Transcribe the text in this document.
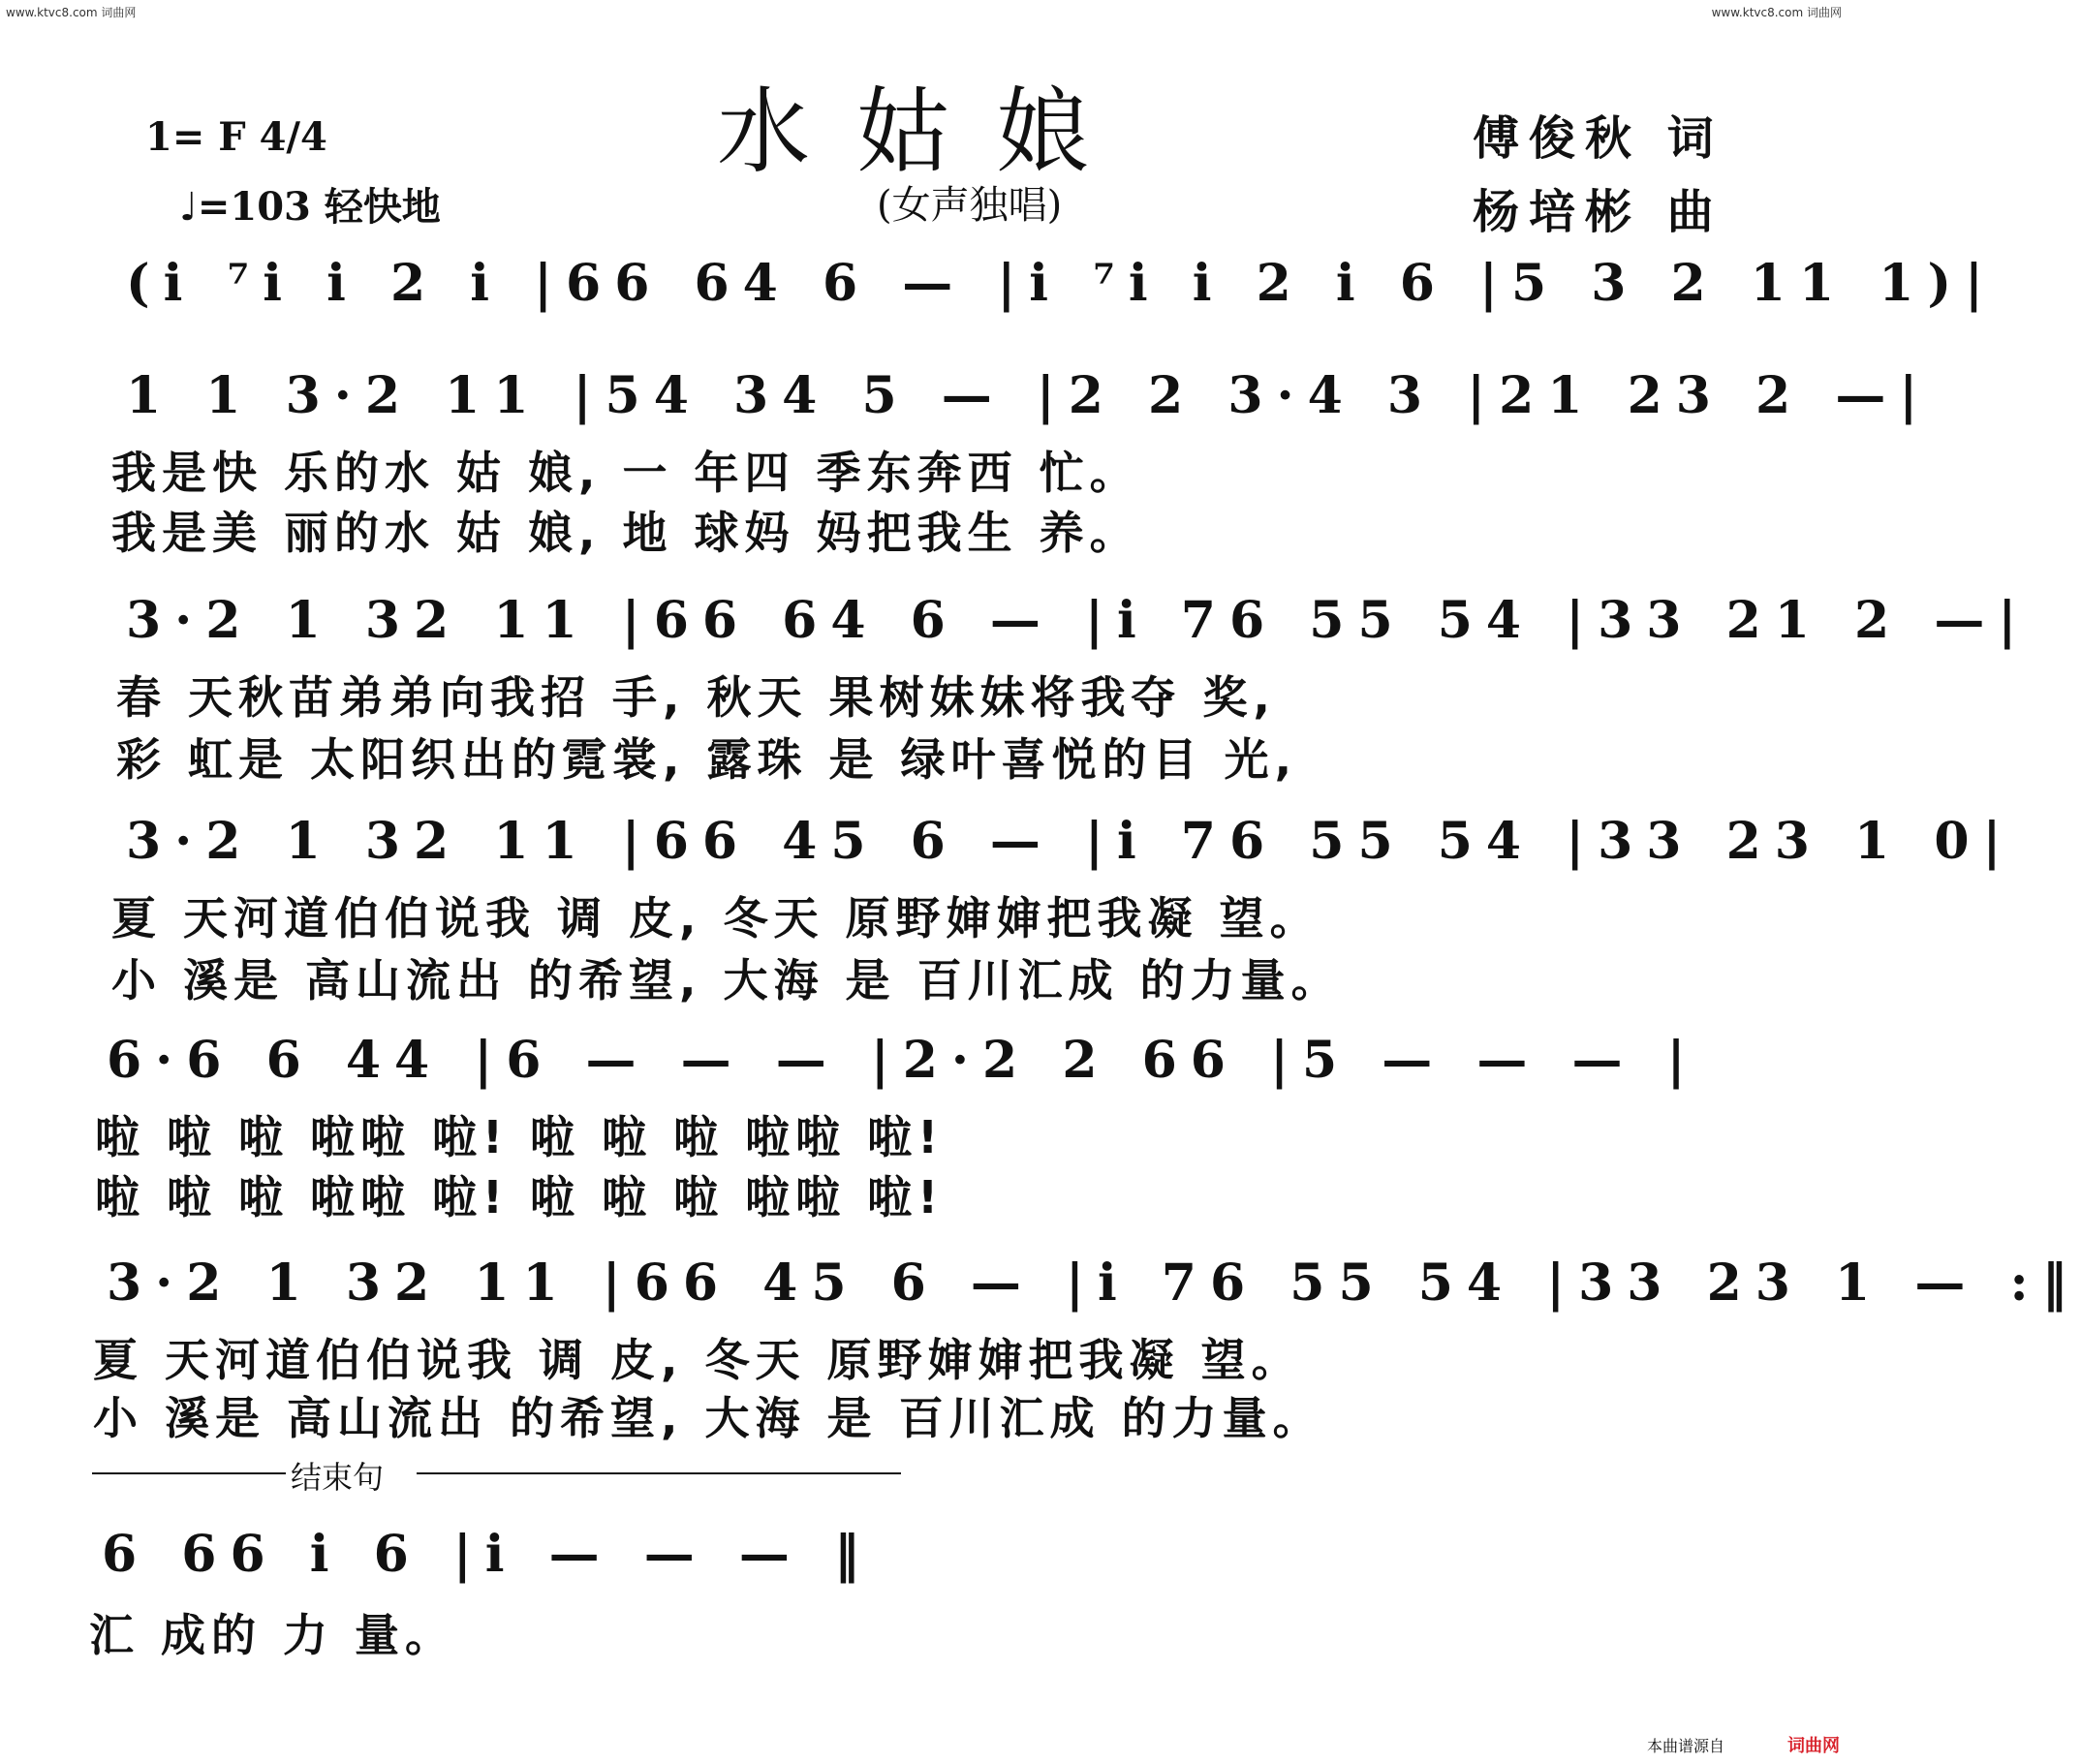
www.ktvc8.com 词曲网	www.ktvc8.com 词曲网
水姑娘
1= F 4/4
♩=103 轻快地	(女声独唱)
傅俊秋 词
杨培彬 曲
(i ⁷i i 2 i |66 64 6 — |i ⁷i i 2 i 6 |5 3 2 11 1)|
1 1 3·2 11 |54 34 5 — |2 2 3·4 3 |21 23 2 —|
我是快 乐的水 姑 娘, 一 年四 季东奔西 忙。
我是美 丽的水 姑 娘, 地 球妈 妈把我生 养。
3·2 1 32 11 |66 64 6 — |i 76 55 54 |33 21 2 —|
春 天秋苗弟弟向我招 手, 秋天 果树妹妹将我夺 奖,
彩 虹是 太阳织出的霓裳, 露珠 是 绿叶喜悦的目 光,
3·2 1 32 11 |66 45 6 — |i 76 55 54 |33 23 1 0|
夏 天河道伯伯说我 调 皮, 冬天 原野婶婶把我凝 望。
小 溪是 高山流出 的希望, 大海 是 百川汇成 的力量。
6·6 6 44 |6 — — — |2·2 2 66 |5 — — — |
啦 啦 啦 啦啦 啦! 啦 啦 啦 啦啦 啦!
啦 啦 啦 啦啦 啦! 啦 啦 啦 啦啦 啦!
3·2 1 32 11 |66 45 6 — |i 76 55 54 |33 23 1 — :‖
夏 天河道伯伯说我 调 皮, 冬天 原野婶婶把我凝 望。
小 溪是 高山流出 的希望, 大海 是 百川汇成 的力量。
结束句
6 66 i 6 |i — — — ‖
汇 成的 力 量。
本曲谱源自	词曲网
